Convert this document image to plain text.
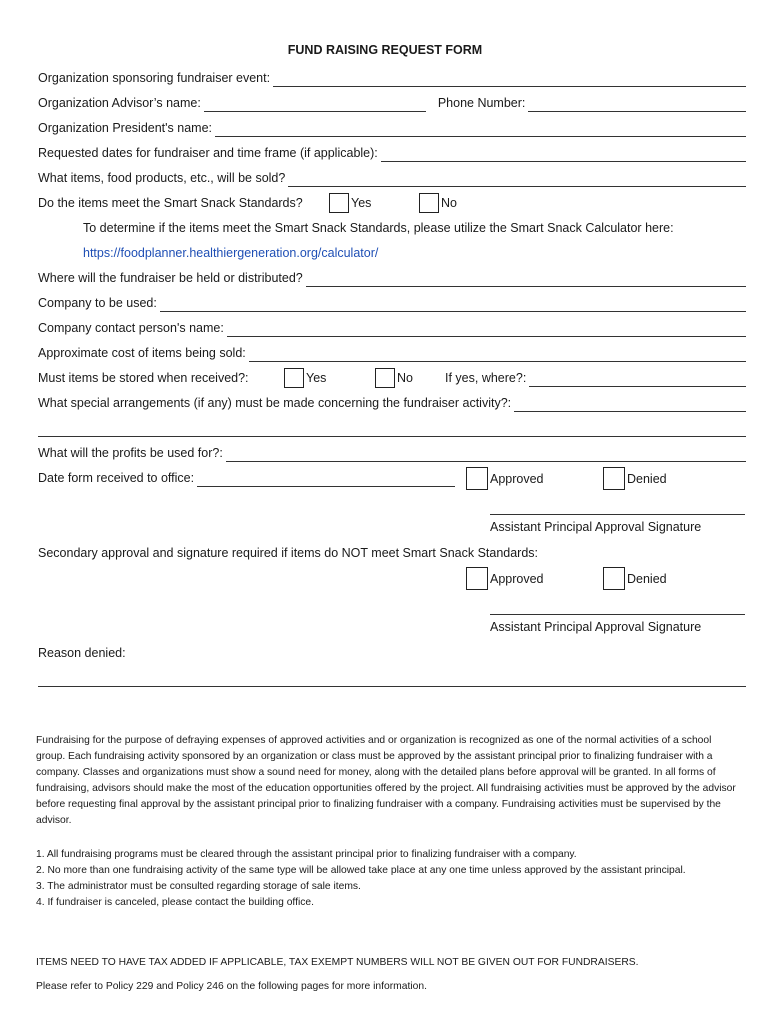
FUND RAISING REQUEST FORM
Organization sponsoring fundraiser event:
Organization Advisor’s name:	Phone Number:
Organization President's name:
Requested dates for fundraiser and time frame (if applicable):
What items, food products, etc., will be sold?
Do the items meet the Smart Snack Standards?	Yes	No
To determine if the items meet the Smart Snack Standards, please utilize the Smart Snack Calculator here:
https://foodplanner.healthiergeneration.org/calculator/
Where will the fundraiser be held or distributed?
Company to be used:
Company contact person's name:
Approximate cost of items being sold:
Must items be stored when received?:	Yes	No	If yes, where?:
What special arrangements (if any) must be made concerning the fundraiser activity?:
What will the profits be used for?:
Date form received to office:	Approved	Denied
Assistant Principal Approval Signature
Secondary approval and signature required if items do NOT meet Smart Snack Standards:
Approved	Denied
Assistant Principal Approval Signature
Reason denied:
Fundraising for the purpose of defraying expenses of approved activities and or organization is recognized as one of the normal activities of a school group. Each fundraising activity sponsored by an organization or class must be approved by the assistant principal prior to finalizing fundraiser with a company. Classes and organizations must show a sound need for money, along with the detailed plans before approval will be granted. In all forms of fundraising, advisors should make the most of the education opportunities offered by the project. All fundraising activities must be approved by the advisor before requesting final approval by the assistant principal prior to finalizing fundraiser with a company. Fundraising activities must be supervised by the advisor.
1. All fundraising programs must be cleared through the assistant principal prior to finalizing fundraiser with a company.
2. No more than one fundraising activity of the same type will be allowed take place at any one time unless approved by the assistant principal.
3. The administrator must be consulted regarding storage of sale items.
4. If fundraiser is canceled, please contact the building office.
ITEMS NEED TO HAVE TAX ADDED IF APPLICABLE, TAX EXEMPT NUMBERS WILL NOT BE GIVEN OUT FOR FUNDRAISERS.
Please refer to Policy 229 and Policy 246 on the following pages for more information.
